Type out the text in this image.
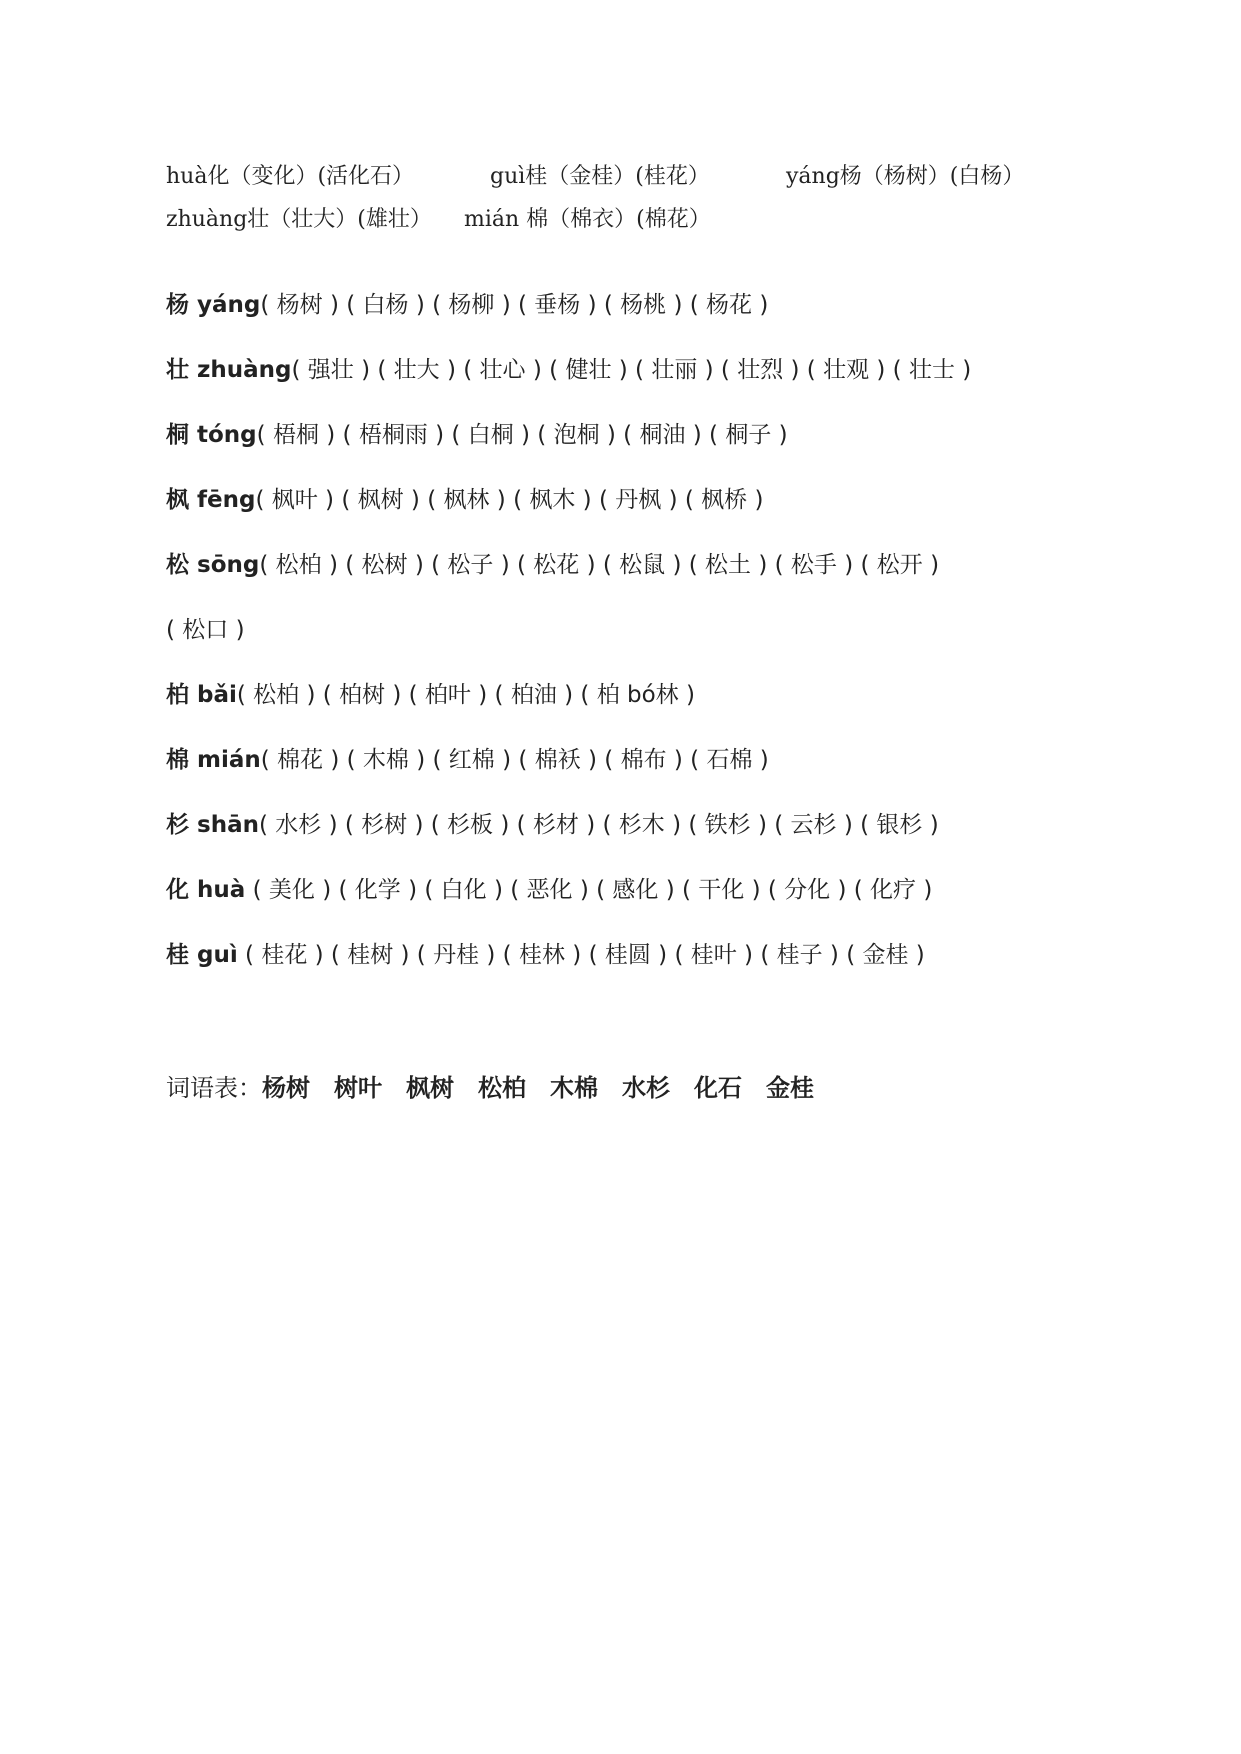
huà化（变化）(活化石）	guì桂（金桂）(桂花）	yáng杨（杨树）(白杨）
zhuàng壮（壮大）(雄壮） mián 棉（棉衣）(棉花）
杨 yáng( 杨树 ) ( 白杨 ) ( 杨柳 ) ( 垂杨 ) ( 杨桃 ) ( 杨花 )
壮 zhuàng( 强壮 ) ( 壮大 ) ( 壮心 ) ( 健壮 ) ( 壮丽 ) ( 壮烈 ) ( 壮观 ) ( 壮士 )
桐 tóng( 梧桐 ) ( 梧桐雨 ) ( 白桐 ) ( 泡桐 ) ( 桐油 ) ( 桐子 )
枫 fēng( 枫叶 ) ( 枫树 ) ( 枫林 ) ( 枫木 ) ( 丹枫 ) ( 枫桥 )
松 sōng( 松柏 ) ( 松树 ) ( 松子 ) ( 松花 ) ( 松鼠 ) ( 松土 ) ( 松手 ) ( 松开 )
( 松口 )
柏 bǎi( 松柏 ) ( 柏树 ) ( 柏叶 ) ( 柏油 ) ( 柏 bó林 )
棉 mián( 棉花 ) ( 木棉 ) ( 红棉 ) ( 棉袄 ) ( 棉布 ) ( 石棉 )
杉 shān( 水杉 ) ( 杉树 ) ( 杉板 ) ( 杉材 ) ( 杉木 ) ( 铁杉 ) ( 云杉 ) ( 银杉 )
化 huà ( 美化 ) ( 化学 ) ( 白化 ) ( 恶化 ) ( 感化 ) ( 干化 ) ( 分化 ) ( 化疗 )
桂 guì ( 桂花 ) ( 桂树 ) ( 丹桂 ) ( 桂林 ) ( 桂圆 ) ( 桂叶 ) ( 桂子 ) ( 金桂 )
词语表：杨树　树叶　枫树　松柏　木棉　水杉　化石　金桂
